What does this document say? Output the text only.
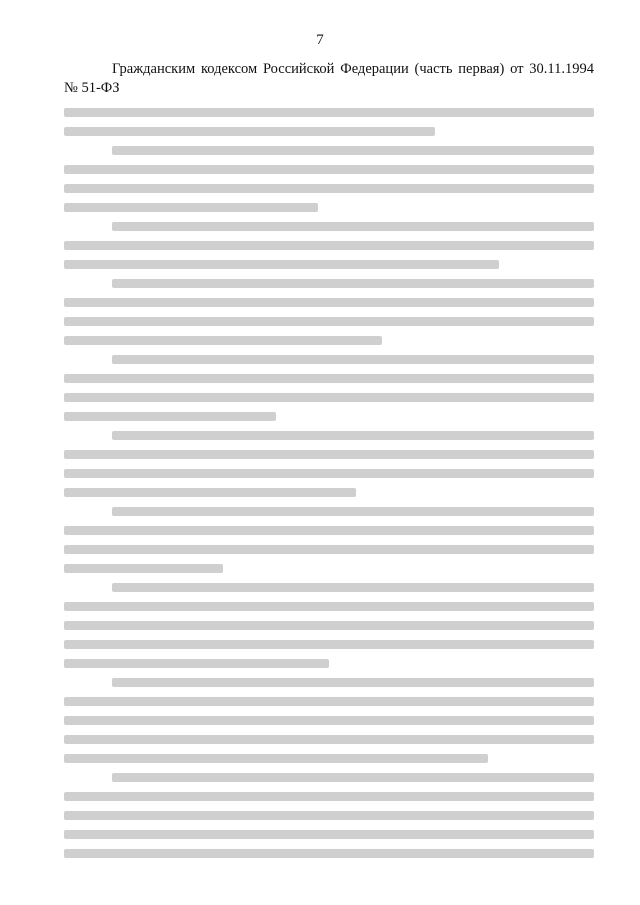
7

Гражданским кодексом Российской Федерации (часть первая) от 30.11.1994 № 51-ФЗ
